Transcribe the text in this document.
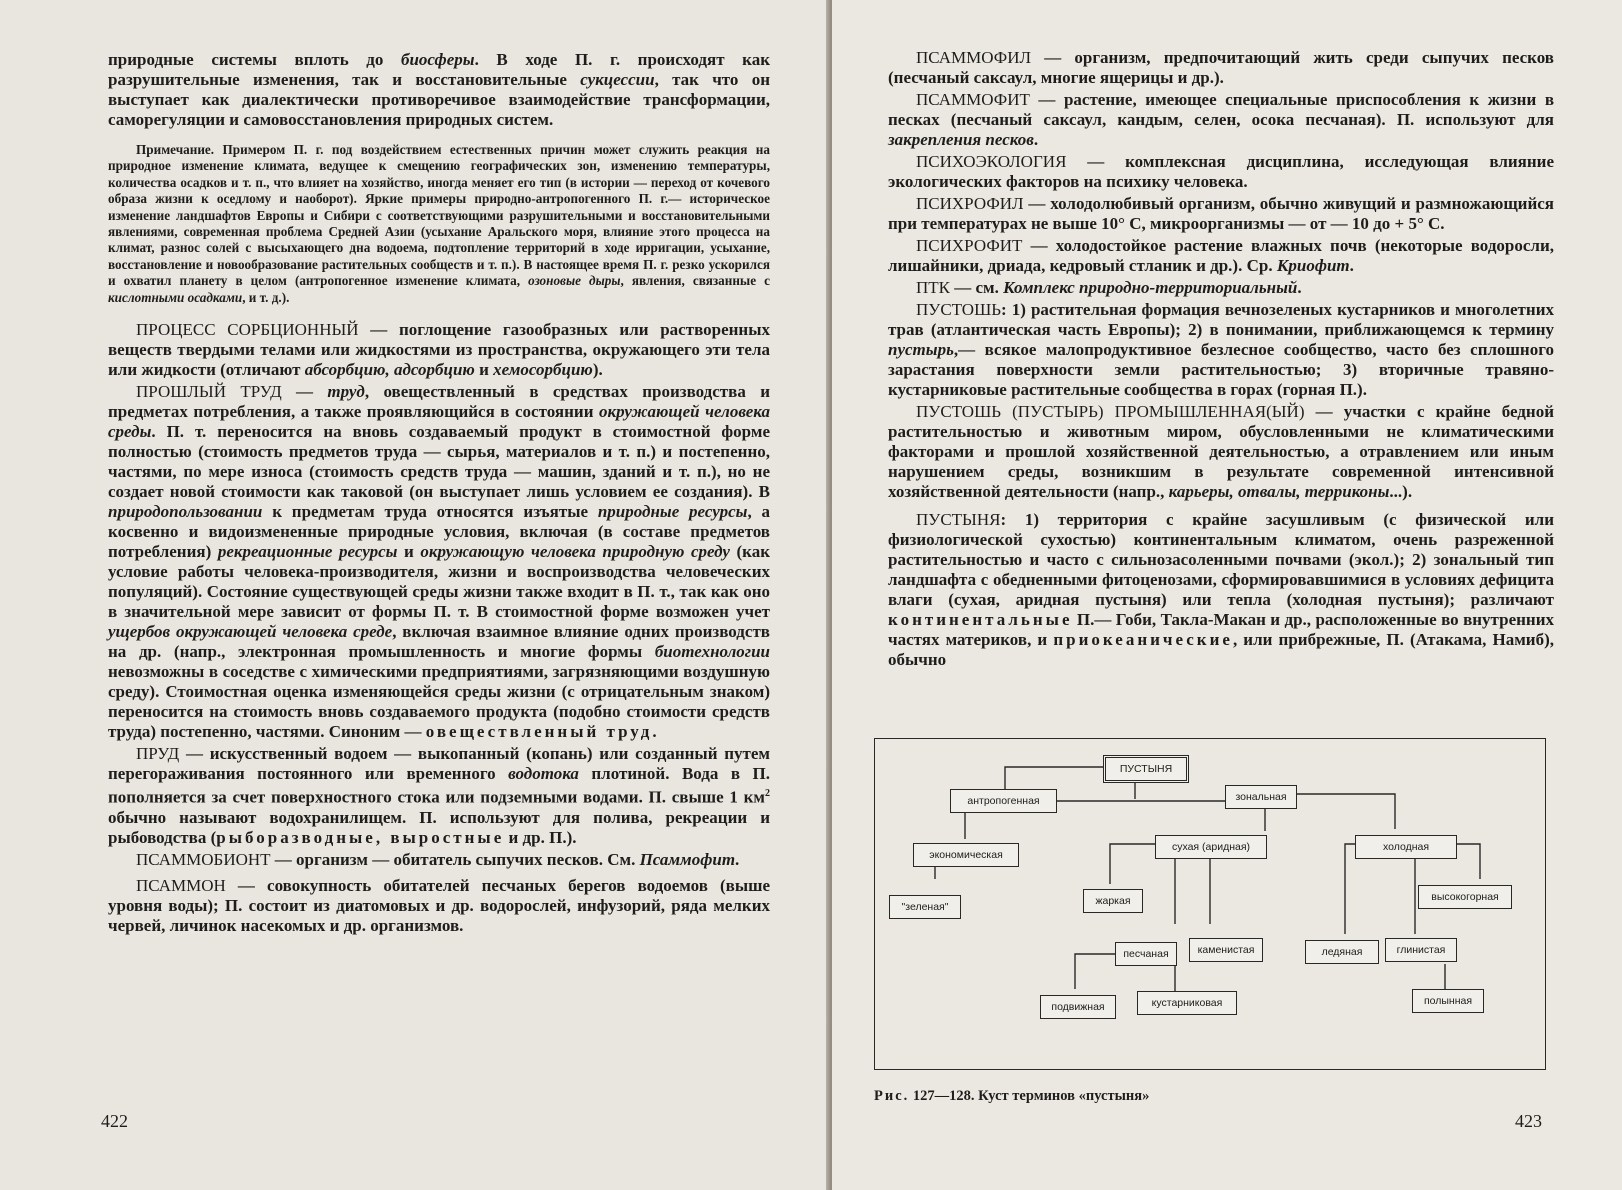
природные системы вплоть до биосферы. В ходе П. г. происходят как разрушительные изменения, так и восстановительные сукцессии, так что он выступает как диалектически противоречивое взаимодействие трансформации, саморегуляции и самовосстановления природных систем.

Примечание. Примером П. г. под воздействием естественных причин может служить реакция на природное изменение климата, ведущее к смещению географических зон, изменению температуры, количества осадков и т. п., что влияет на хозяйство, иногда меняет его тип (в истории — переход от кочевого образа жизни к оседлому и наоборот). Яркие примеры природно-антропогенного П. г.— историческое изменение ландшафтов Европы и Сибири с соответствующими разрушительными и восстановительными явлениями, современная проблема Средней Азии (усыхание Аральского моря, влияние этого процесса на климат, разнос солей с высыхающего дна водоема, подтопление территорий в ходе ирригации, усыхание, восстановление и новообразование растительных сообществ и т. п.). В настоящее время П. г. резко ускорился и охватил планету в целом (антропогенное изменение климата, озоновые дыры, явления, связанные с кислотными осадками, и т. д.).

ПРОЦЕСС СОРБЦИОННЫЙ — поглощение газообразных или растворенных веществ твердыми телами или жидкостями из пространства, окружающего эти тела или жидкости (отличают абсорбцию, адсорбцию и хемосорбцию).

ПРОШЛЫЙ ТРУД — труд, овеществленный в средствах производства и предметах потребления, а также проявляющийся в состоянии окружающей человека среды. П. т. переносится на вновь создаваемый продукт в стоимостной форме полностью (стоимость предметов труда — сырья, материалов и т. п.) и постепенно, частями, по мере износа (стоимость средств труда — машин, зданий и т. п.), но не создает новой стоимости как таковой (он выступает лишь условием ее создания). В природопользовании к предметам труда относятся изъятые природные ресурсы, а косвенно и видоизмененные природные условия, включая (в составе предметов потребления) рекреационные ресурсы и окружающую человека природную среду (как условие работы человека-производителя, жизни и воспроизводства человеческих популяций). Состояние существующей среды жизни также входит в П. т., так как оно в значительной мере зависит от формы П. т. В стоимостной форме возможен учет ущербов окружающей человека среде, включая взаимное влияние одних производств на др. (напр., электронная промышленность и многие формы биотехнологии невозможны в соседстве с химическими предприятиями, загрязняющими воздушную среду). Стоимостная оценка изменяющейся среды жизни (с отрицательным знаком) переносится на стоимость вновь создаваемого продукта (подобно стоимости средств труда) постепенно, частями. Синоним — овеществленный труд.

ПРУД — искусственный водоем — выкопанный (копань) или созданный путем перегораживания постоянного или временного водотока плотиной. Вода в П. пополняется за счет поверхностного стока или подземными водами. П. свыше 1 $км^2$ обычно называют водохранилищем. П. используют для полива, рекреации и рыбоводства (рыборазводные, выростные и др. П.).

ПСАММОБИОНТ — организм — обитатель сыпучих песков. См. Псаммофит.

ПСАММОН — совокупность обитателей песчаных берегов водоемов (выше уровня воды); П. состоит из диатомовых и др. водорослей, инфузорий, ряда мелких червей, личинок насекомых и др. организмов.

422

ПСАММОФИЛ — организм, предпочитающий жить среди сыпучих песков (песчаный саксаул, многие ящерицы и др.).

ПСАММОФИТ — растение, имеющее специальные приспособления к жизни в песках (песчаный саксаул, кандым, селен, осока песчаная). П. используют для закрепления песков.

ПСИХОЭКОЛОГИЯ — комплексная дисциплина, исследующая влияние экологических факторов на психику человека.

ПСИХРОФИЛ — холодолюбивый организм, обычно живущий и размножающийся при температурах не выше 10° С, микроорганизмы — от — 10 до + 5° С.

ПСИХРОФИТ — холодостойкое растение влажных почв (некоторые водоросли, лишайники, дриада, кедровый стланик и др.). Ср. Криофит.

ПТК — см. Комплекс природно-территориальный.

ПУСТОШЬ: 1) растительная формация вечнозеленых кустарников и многолетних трав (атлантическая часть Европы); 2) в понимании, приближающемся к термину пустырь,— всякое малопродуктивное безлесное сообщество, часто без сплошного зарастания поверхности земли растительностью; 3) вторичные травяно-кустарниковые растительные сообщества в горах (горная П.).

ПУСТОШЬ (ПУСТЫРЬ) ПРОМЫШЛЕННАЯ(ЫЙ) — участки с крайне бедной растительностью и животным миром, обусловленными не климатическими факторами и прошлой хозяйственной деятельностью, а отравлением или иным нарушением среды, возникшим в результате современной интенсивной хозяйственной деятельности (напр., карьеры, отвалы, терриконы...).

ПУСТЫНЯ: 1) территория с крайне засушливым (с физической или физиологической сухостью) континентальным климатом, очень разреженной растительностью и часто с сильнозасоленными почвами (экол.); 2) зональный тип ландшафта с обедненными фитоценозами, сформировавшимися в условиях дефицита влаги (сухая, аридная пустыня) или тепла (холодная пустыня); различают континентальные П.— Гоби, Такла-Макан и др., расположенные во внутренних частях материков, и приокеанические, или прибрежные, П. (Атакама, Намиб), обычно

ПУСТЫНЯ
антропогенная	зональная
экономическая
сухая (аридная)	холодная
"зеленая"	жаркая	высокогорная
песчаная	каменистая	ледяная	глинистая
подвижная	кустарниковая	полынная
Рис. 127—128. Куст терминов «пустыня»
423
